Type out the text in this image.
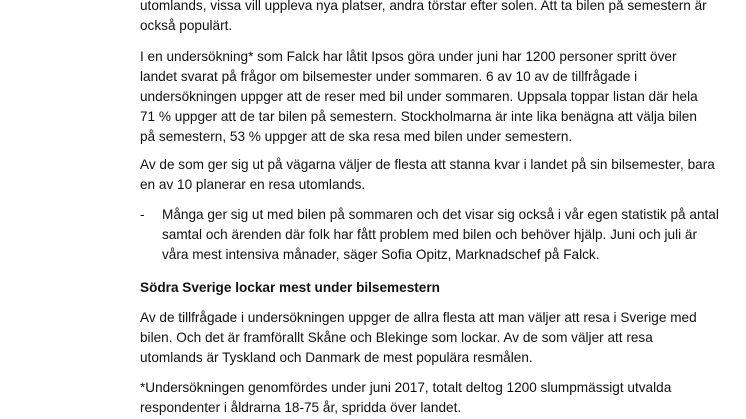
utomlands, vissa vill uppleva nya platser, andra törstar efter solen. Att ta bilen på semestern är
också populärt.
I en undersökning* som Falck har låtit Ipsos göra under juni har 1200 personer spritt över
landet svarat på frågor om bilsemester under sommaren. 6 av 10 av de tillfrågade i
undersökningen uppger att de reser med bil under sommaren. Uppsala toppar listan där hela
71 % uppger att de tar bilen på semestern. Stockholmarna är inte lika benägna att välja bilen
på semestern, 53 % uppger att de ska resa med bilen under semestern.
Av de som ger sig ut på vägarna väljer de flesta att stanna kvar i landet på sin bilsemester, bara
en av 10 planerar en resa utomlands.
-	Många ger sig ut med bilen på sommaren och det visar sig också i vår egen statistik på antal
samtal och ärenden där folk har fått problem med bilen och behöver hjälp. Juni och juli är
våra mest intensiva månader, säger Sofia Opitz, Marknadschef på Falck.
Södra Sverige lockar mest under bilsemestern
Av de tillfrågade i undersökningen uppger de allra flesta att man väljer att resa i Sverige med
bilen. Och det är framförallt Skåne och Blekinge som lockar. Av de som väljer att resa
utomlands är Tyskland och Danmark de mest populära resmålen.
*Undersökningen genomfördes under juni 2017, totalt deltog 1200 slumpmässigt utvalda
respondenter i åldrarna 18-75 år, spridda över landet.
